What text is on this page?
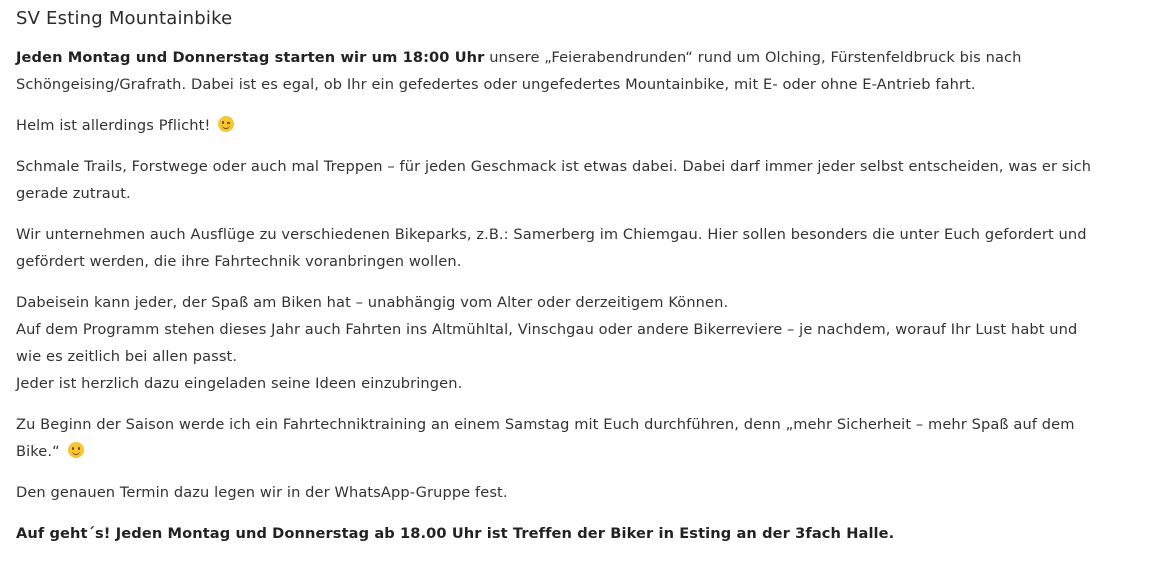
SV Esting Mountainbike

Jeden Montag und Donnerstag starten wir um 18:00 Uhr unsere „Feierabendrunden“ rund um Olching, Fürstenfeldbruck bis nach Schöngeising/Grafrath. Dabei ist es egal, ob Ihr ein gefedertes oder ungefedertes Mountainbike, mit E- oder ohne E-Antrieb fahrt.

Helm ist allerdings Pflicht!

Schmale Trails, Forstwege oder auch mal Treppen – für jeden Geschmack ist etwas dabei. Dabei darf immer jeder selbst entscheiden, was er sich gerade zutraut.

Wir unternehmen auch Ausflüge zu verschiedenen Bikeparks, z.B.: Samerberg im Chiemgau. Hier sollen besonders die unter Euch gefordert und gefördert werden, die ihre Fahrtechnik voranbringen wollen.

Dabeisein kann jeder, der Spaß am Biken hat – unabhängig vom Alter oder derzeitigem Können.
Auf dem Programm stehen dieses Jahr auch Fahrten ins Altmühltal, Vinschgau oder andere Bikerreviere – je nachdem, worauf Ihr Lust habt und wie es zeitlich bei allen passt.
Jeder ist herzlich dazu eingeladen seine Ideen einzubringen.

Zu Beginn der Saison werde ich ein Fahrtechniktraining an einem Samstag mit Euch durchführen, denn „mehr Sicherheit – mehr Spaß auf dem Bike.“

Den genauen Termin dazu legen wir in der WhatsApp-Gruppe fest.

Auf geht´s! Jeden Montag und Donnerstag ab 18.00 Uhr ist Treffen der Biker in Esting an der 3fach Halle.
